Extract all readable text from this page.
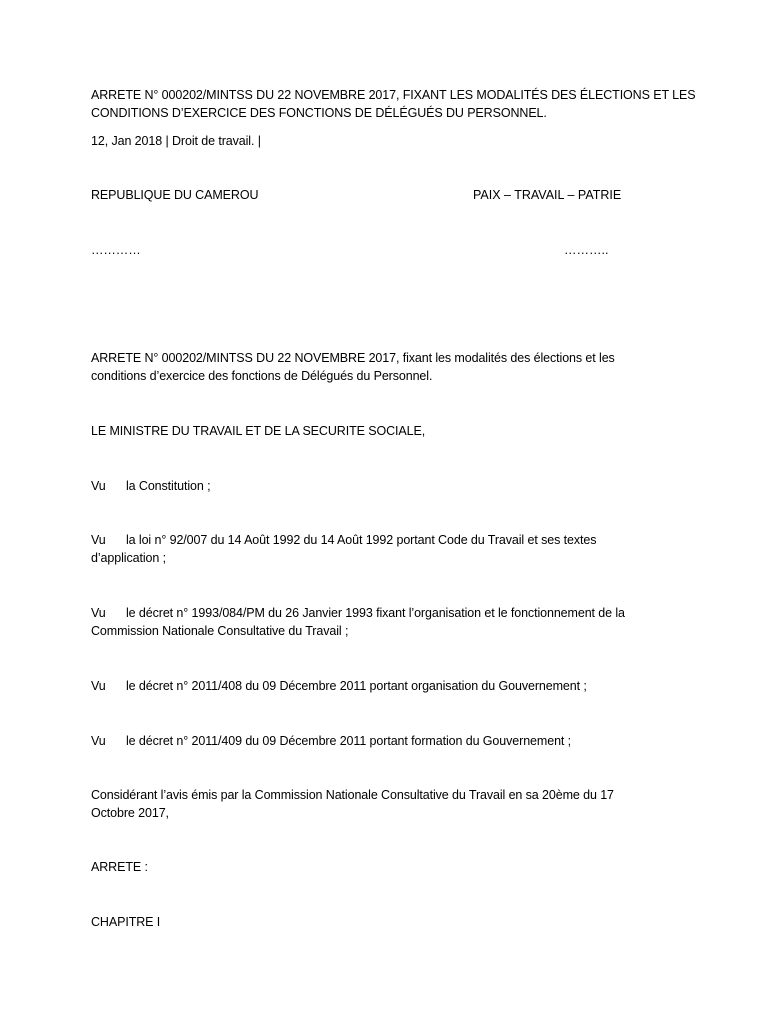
ARRETE N° 000202/MINTSS DU 22 NOVEMBRE 2017, FIXANT LES MODALITÉS DES ÉLECTIONS ET LES
CONDITIONS D’EXERCICE DES FONCTIONS DE DÉLÉGUÉS DU PERSONNEL.
12, Jan 2018 | Droit de travail. |
REPUBLIQUE DU CAMEROU	PAIX – TRAVAIL – PATRIE
…………	………..
ARRETE N° 000202/MINTSS DU 22 NOVEMBRE 2017, fixant les modalités des élections et les
conditions d’exercice des fonctions de Délégués du Personnel.
LE MINISTRE DU TRAVAIL ET DE LA SECURITE SOCIALE,
Vu la Constitution ;
Vu la loi n° 92/007 du 14 Août 1992 du 14 Août 1992 portant Code du Travail et ses textes
d’application ;
Vu le décret n° 1993/084/PM du 26 Janvier 1993 fixant l’organisation et le fonctionnement de la
Commission Nationale Consultative du Travail ;
Vu le décret n° 2011/408 du 09 Décembre 2011 portant organisation du Gouvernement ;
Vu le décret n° 2011/409 du 09 Décembre 2011 portant formation du Gouvernement ;
Considérant l’avis émis par la Commission Nationale Consultative du Travail en sa 20ème du 17
Octobre 2017,
ARRETE :
CHAPITRE I
